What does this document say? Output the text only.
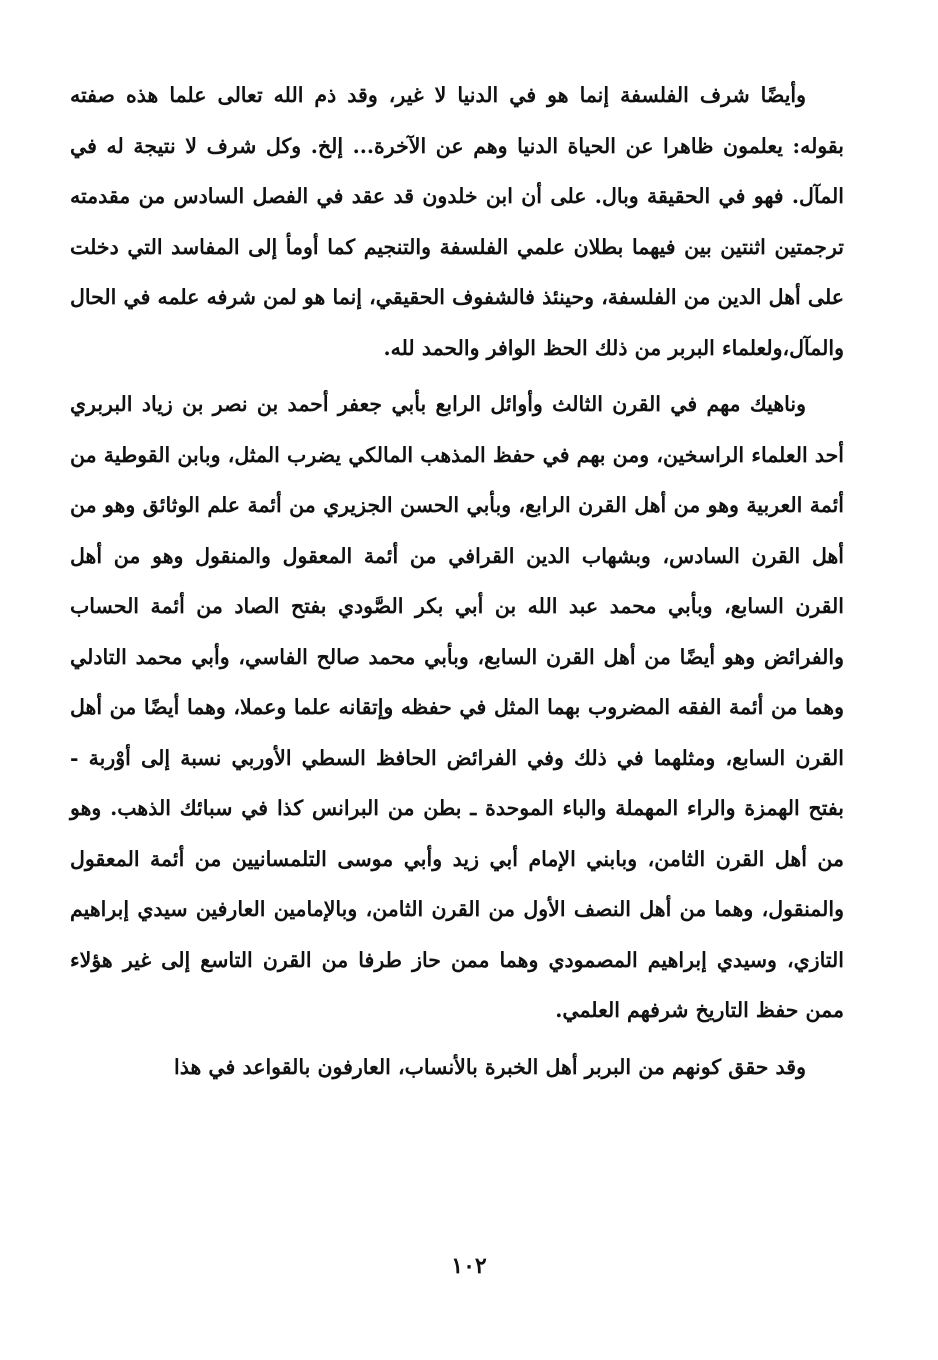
وأيضًا شرف الفلسفة إنما هو في الدنيا لا غير، وقد ذم الله تعالى علما هذه صفته بقوله: يعلمون ظاهرا عن الحياة الدنيا وهم عن الآخرة... إلخ. وكل شرف لا نتيجة له في المآل. فهو في الحقيقة وبال. على أن ابن خلدون قد عقد في الفصل السادس من مقدمته ترجمتين اثنتين بين فيهما بطلان علمي الفلسفة والتنجيم كما أومأ إلى المفاسد التي دخلت على أهل الدين من الفلسفة، وحينئذ فالشفوف الحقيقي، إنما هو لمن شرفه علمه في الحال والمآل،ولعلماء البربر من ذلك الحظ الوافر والحمد لله.

وناهيك مهم في القرن الثالث وأوائل الرابع بأبي جعفر أحمد بن نصر بن زياد البربري أحد العلماء الراسخين، ومن بهم في حفظ المذهب المالكي يضرب المثل، وبابن القوطية من أئمة العربية وهو من أهل القرن الرابع، وبأبي الحسن الجزيري من أئمة علم الوثائق وهو من أهل القرن السادس، وبشهاب الدين القرافي من أئمة المعقول والمنقول وهو من أهل القرن السابع، وبأبي محمد عبد الله بن أبي بكر الصَّودي بفتح الصاد من أئمة الحساب والفرائض وهو أيضًا من أهل القرن السابع، وبأبي محمد صالح الفاسي، وأبي محمد التادلي وهما من أئمة الفقه المضروب بهما المثل في حفظه وإتقانه علما وعملا، وهما أيضًا من أهل القرن السابع، ومثلهما في ذلك وفي الفرائض الحافظ السطي الأوربي نسبة إلى أوْربة - بفتح الهمزة والراء المهملة والباء الموحدة ـ بطن من البرانس كذا في سبائك الذهب. وهو من أهل القرن الثامن، وبابني الإمام أبي زيد وأبي موسى التلمسانيين من أئمة المعقول والمنقول، وهما من أهل النصف الأول من القرن الثامن، وبالإمامين العارفين سيدي إبراهيم التازي، وسيدي إبراهيم المصمودي وهما ممن حاز طرفا من القرن التاسع إلى غير هؤلاء ممن حفظ التاريخ شرفهم العلمي.

وقد حقق كونهم من البربر أهل الخبرة بالأنساب، العارفون بالقواعد في هذا

١٠٢
